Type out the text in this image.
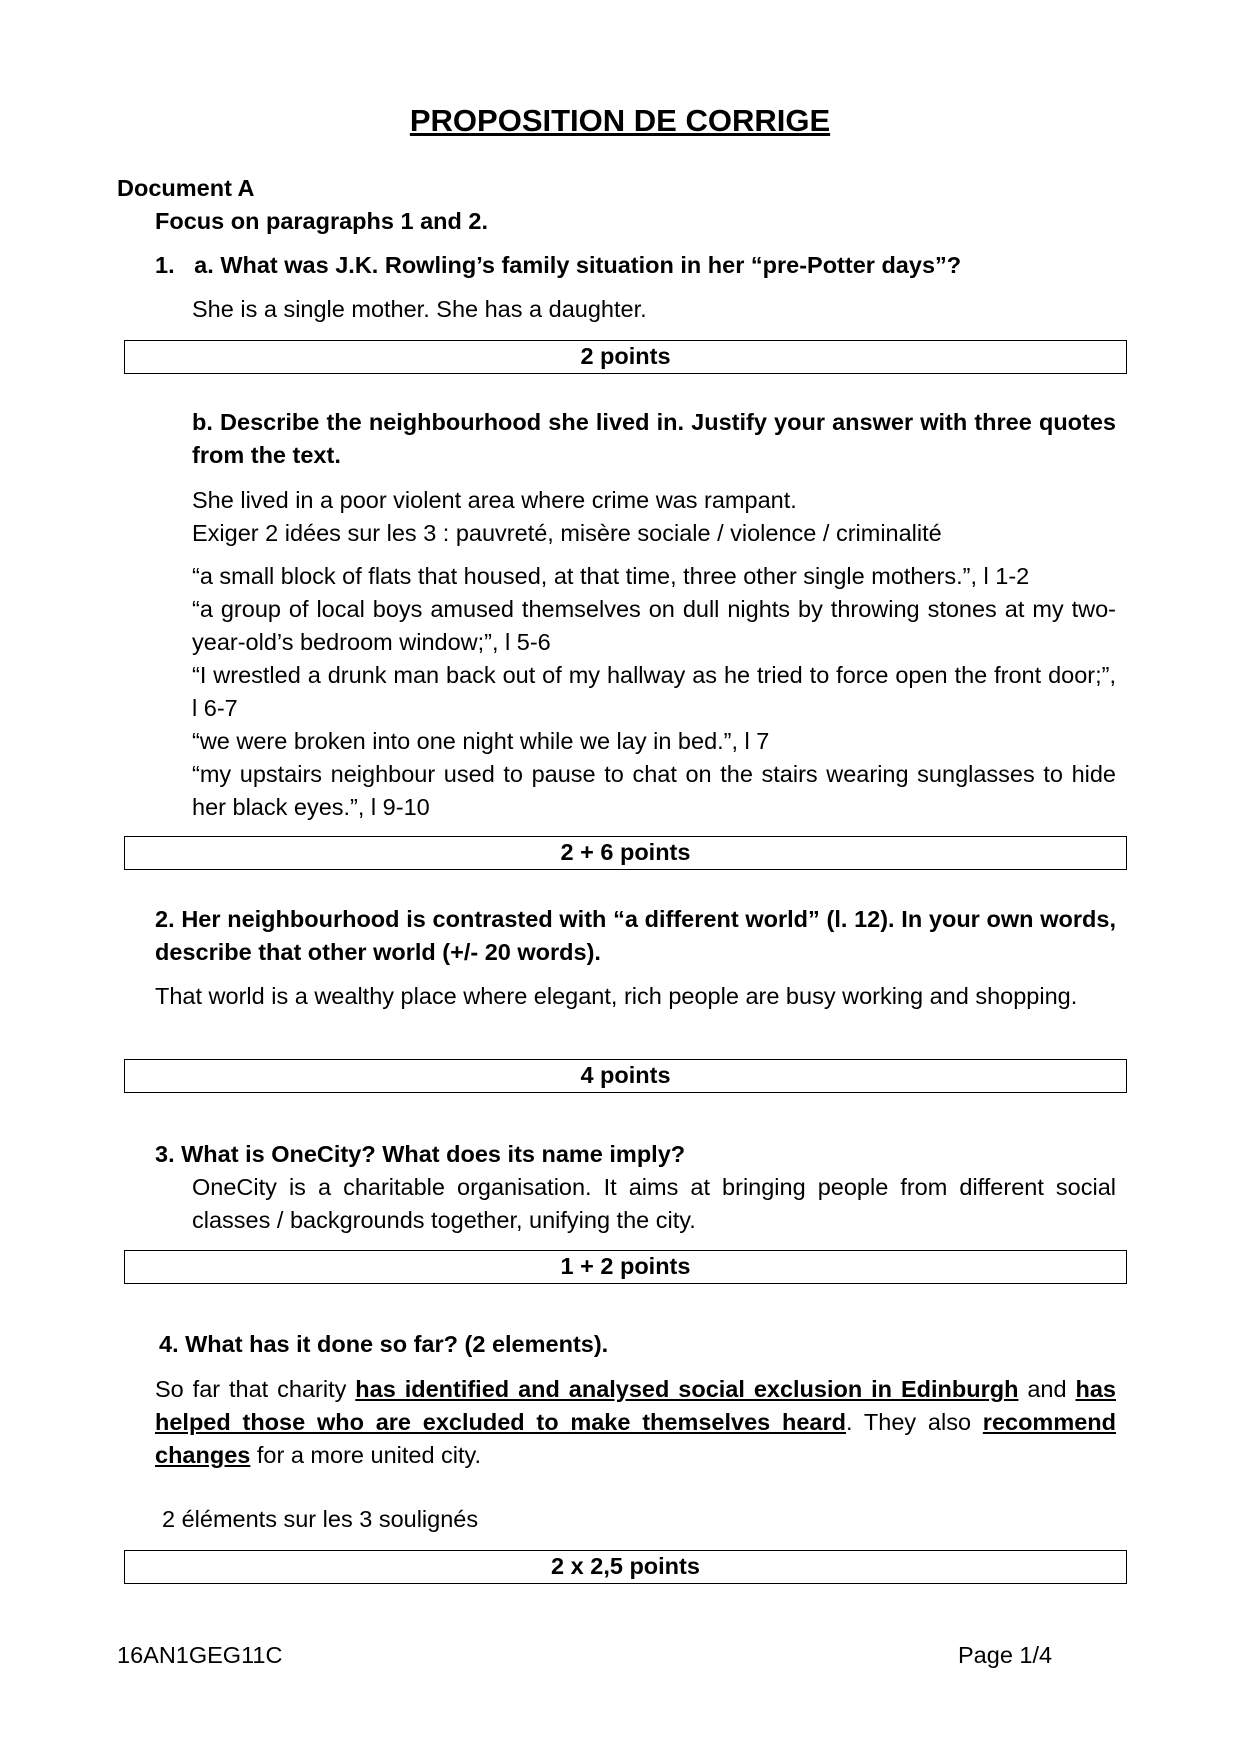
PROPOSITION DE CORRIGE
Document A
Focus on paragraphs 1 and 2.
1.   a. What was J.K. Rowling’s family situation in her “pre-Potter days”?
She is a single mother. She has a daughter.
2 points
b. Describe the neighbourhood she lived in. Justify your answer with three quotes from the text.
She lived in a poor violent area where crime was rampant.
Exiger 2 idées sur les 3 : pauvreté, misère sociale / violence / criminalité
“a small block of flats that housed, at that time, three other single mothers.”, l 1-2
“a group of local boys amused themselves on dull nights by throwing stones at my two-year-old’s bedroom window;”, l 5-6
“I wrestled a drunk man back out of my hallway as he tried to force open the front door;”, l 6-7
“we were broken into one night while we lay in bed.”, l 7
“my upstairs neighbour used to pause to chat on the stairs wearing sunglasses to hide her black eyes.”, l 9-10
2 + 6 points
2. Her neighbourhood is contrasted with “a different world” (l. 12). In your own words, describe that other world (+/- 20 words).
That world is a wealthy place where elegant, rich people are busy working and shopping.
4 points
3. What is OneCity? What does its name imply?
OneCity is a charitable organisation. It aims at bringing people from different social classes / backgrounds together, unifying the city.
1 + 2 points
4. What has it done so far? (2 elements).
So far that charity has identified and analysed social exclusion in Edinburgh and has helped those who are excluded to make themselves heard. They also recommend changes for a more united city.
2 éléments sur les 3 soulignés
2 x 2,5 points
16AN1GEG11C	Page 1/4
